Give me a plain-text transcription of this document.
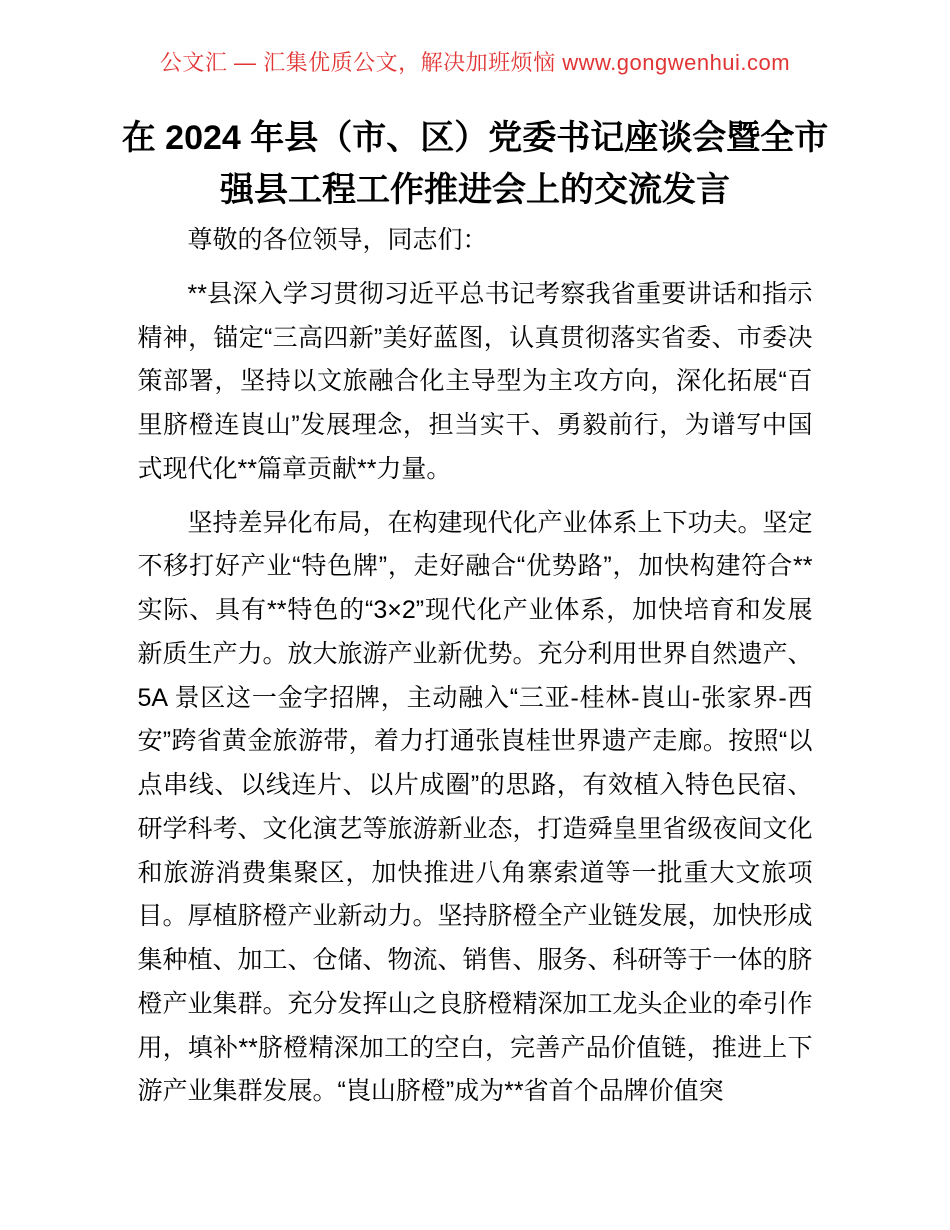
公文汇 — 汇集优质公文，解决加班烦恼 www.gongwenhui.com
在 2024 年县（市、区）党委书记座谈会暨全市
强县工程工作推进会上的交流发言

尊敬的各位领导，同志们：

**县深入学习贯彻习近平总书记考察我省重要讲话和指示精神，锚定“三高四新”美好蓝图，认真贯彻落实省委、市委决策部署，坚持以文旅融合化主导型为主攻方向，深化拓展“百里脐橙连崀山”发展理念，担当实干、勇毅前行，为谱写中国式现代化**篇章贡献**力量。

坚持差异化布局，在构建现代化产业体系上下功夫。坚定不移打好产业“特色牌”，走好融合“优势路”，加快构建符合**实际、具有**特色的“3×2”现代化产业体系，加快培育和发展新质生产力。放大旅游产业新优势。充分利用世界自然遗产、5A 景区这一金字招牌，主动融入“三亚-桂林-崀山-张家界-西安”跨省黄金旅游带，着力打通张崀桂世界遗产走廊。按照“以点串线、以线连片、以片成圈”的思路，有效植入特色民宿、研学科考、文化演艺等旅游新业态，打造舜皇里省级夜间文化和旅游消费集聚区，加快推进八角寨索道等一批重大文旅项目。厚植脐橙产业新动力。坚持脐橙全产业链发展，加快形成集种植、加工、仓储、物流、销售、服务、科研等于一体的脐橙产业集群。充分发挥山之良脐橙精深加工龙头企业的牵引作用，填补**脐橙精深加工的空白，完善产品价值链，推进上下游产业集群发展。“崀山脐橙”成为**省首个品牌价值突
